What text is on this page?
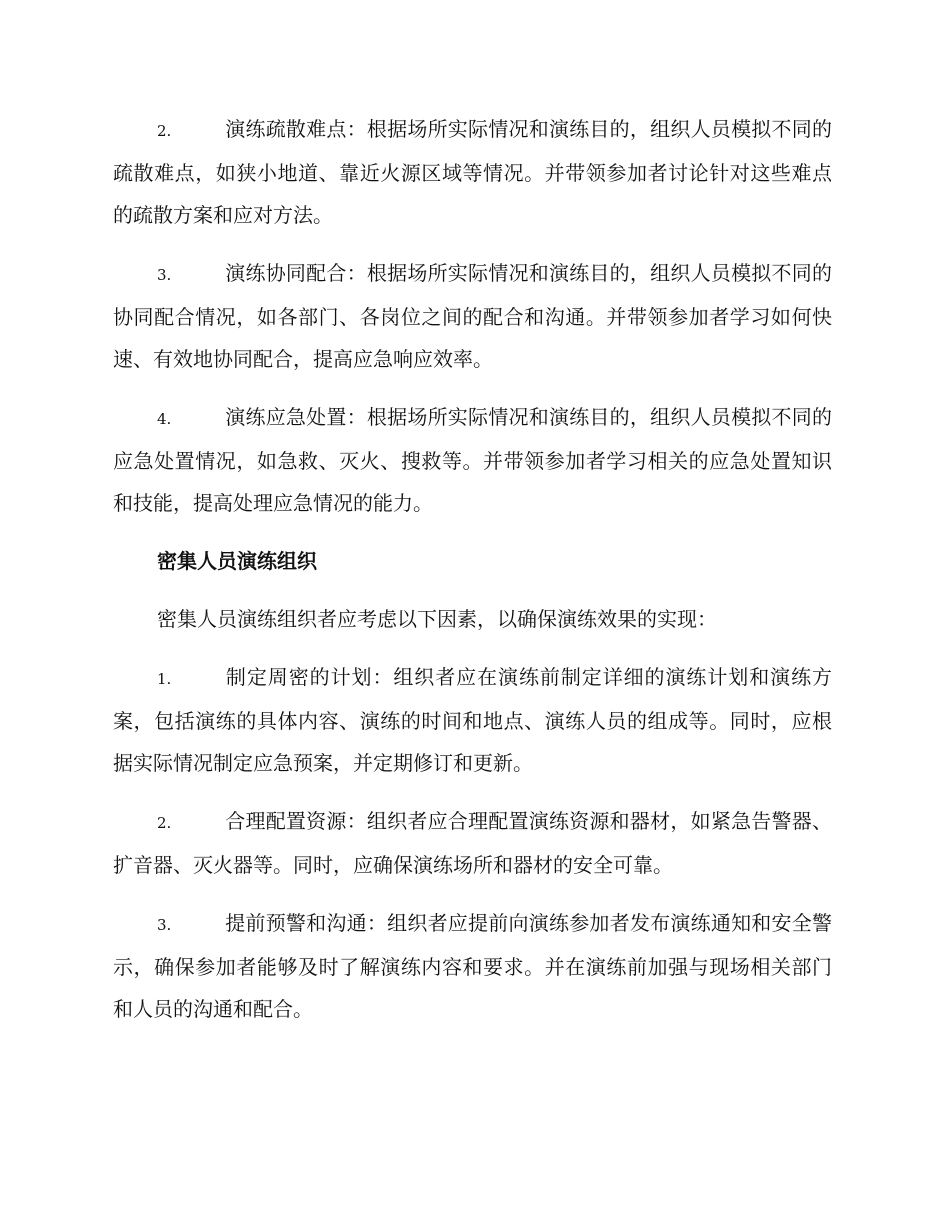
2.	演练疏散难点：根据场所实际情况和演练目的，组织人员模拟不同的疏散难点，如狭小地道、靠近火源区域等情况。并带领参加者讨论针对这些难点的疏散方案和应对方法。

3.	演练协同配合：根据场所实际情况和演练目的，组织人员模拟不同的协同配合情况，如各部门、各岗位之间的配合和沟通。并带领参加者学习如何快速、有效地协同配合，提高应急响应效率。

4.	演练应急处置：根据场所实际情况和演练目的，组织人员模拟不同的应急处置情况，如急救、灭火、搜救等。并带领参加者学习相关的应急处置知识和技能，提高处理应急情况的能力。

密集人员演练组织

密集人员演练组织者应考虑以下因素，以确保演练效果的实现：

1.	制定周密的计划：组织者应在演练前制定详细的演练计划和演练方案，包括演练的具体内容、演练的时间和地点、演练人员的组成等。同时，应根据实际情况制定应急预案，并定期修订和更新。

2.	合理配置资源：组织者应合理配置演练资源和器材，如紧急告警器、扩音器、灭火器等。同时，应确保演练场所和器材的安全可靠。

3.	提前预警和沟通：组织者应提前向演练参加者发布演练通知和安全警示，确保参加者能够及时了解演练内容和要求。并在演练前加强与现场相关部门和人员的沟通和配合。
